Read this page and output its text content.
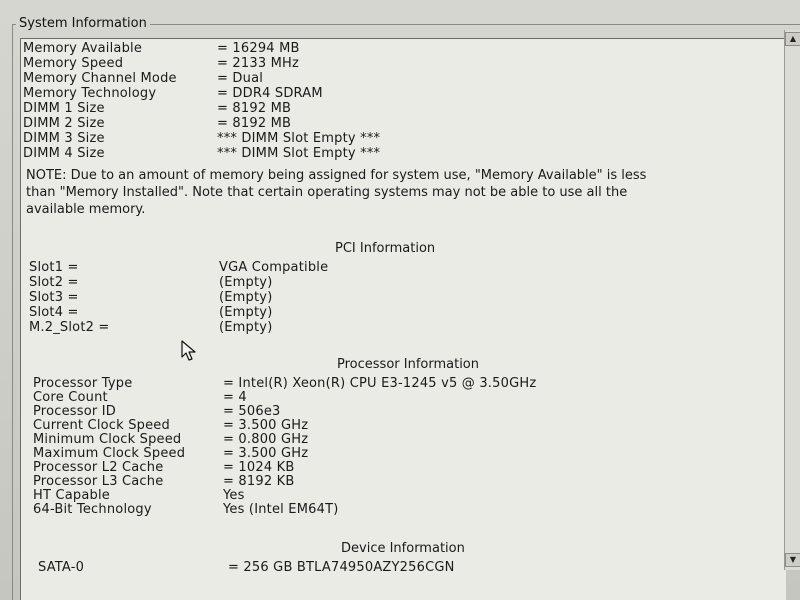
System Information
Memory Available	= 16294 MB
Memory Speed	= 2133 MHz
Memory Channel Mode	= Dual
Memory Technology	= DDR4 SDRAM
DIMM 1 Size	= 8192 MB
DIMM 2 Size	= 8192 MB
DIMM 3 Size	*** DIMM Slot Empty ***
DIMM 4 Size	*** DIMM Slot Empty ***
NOTE: Due to an amount of memory being assigned for system use, "Memory Available" is less
than "Memory Installed". Note that certain operating systems may not be able to use all the
available memory.
PCI Information
Slot1 =	VGA Compatible
Slot2 =	(Empty)
Slot3 =	(Empty)
Slot4 =	(Empty)
M.2_Slot2 =	(Empty)
Processor Information
Processor Type	= Intel(R) Xeon(R) CPU E3-1245 v5 @ 3.50GHz
Core Count	= 4
Processor ID	= 506e3
Current Clock Speed	= 3.500 GHz
Minimum Clock Speed	= 0.800 GHz
Maximum Clock Speed	= 3.500 GHz
Processor L2 Cache	= 1024 KB
Processor L3 Cache	= 8192 KB
HT Capable	Yes
64-Bit Technology	Yes (Intel EM64T)
Device Information
SATA-0	= 256 GB BTLA74950AZY256CGN
▲
▼
